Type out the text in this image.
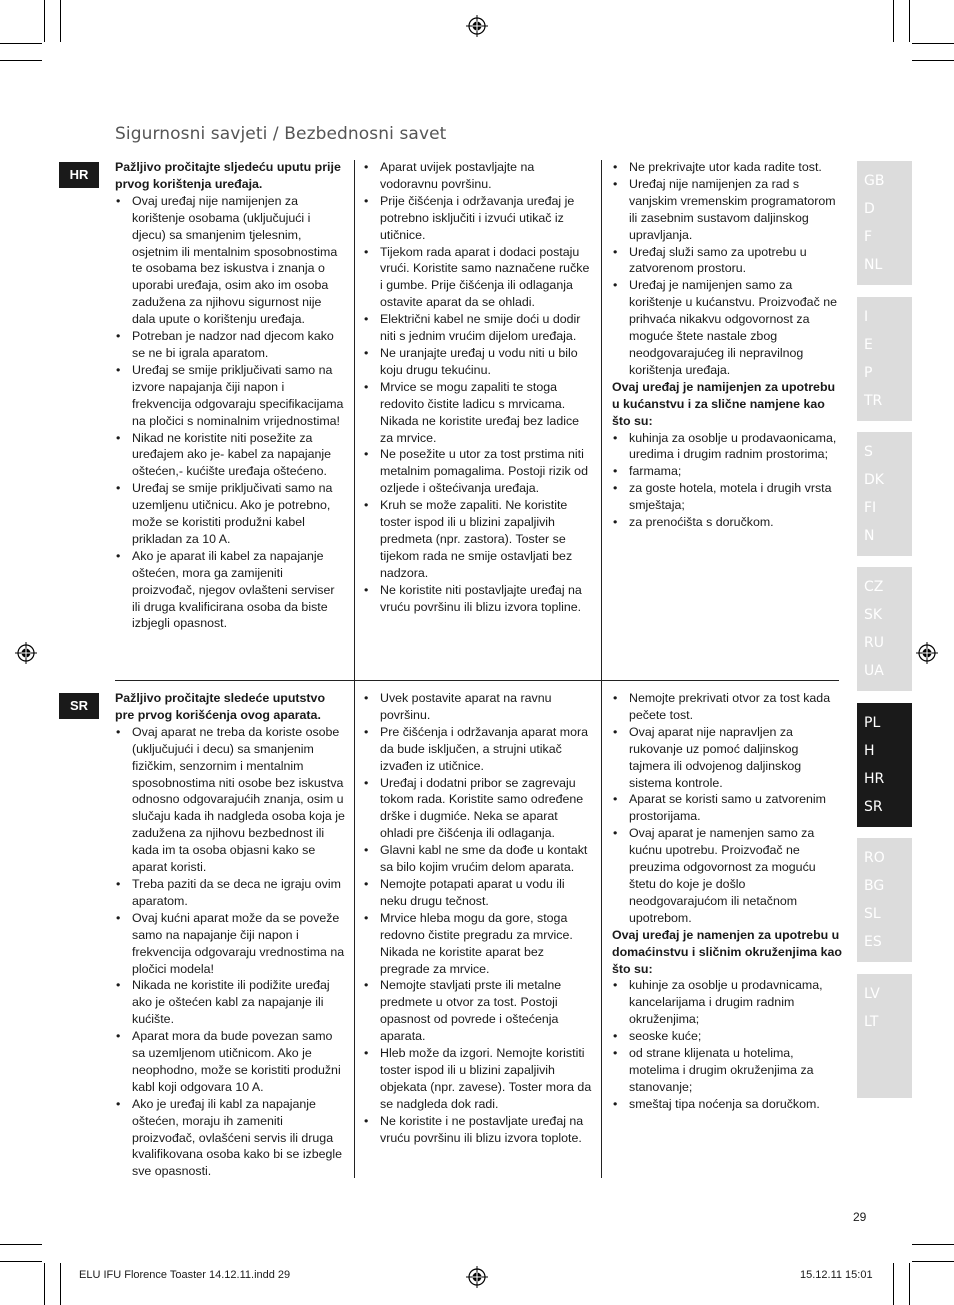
Sigurnosni savjeti / Bezbednosni savet
HR	Pažljivo pročitajte sljedeću uputu prije prvog korištenja uređaja.
• Ovaj uređaj nije namijenjen za korištenje osobama (uključujući i djecu) sa smanjenim tjelesnim, osjetnim ili mentalnim sposobnostima te osobama bez iskustva i znanja o uporabi uređaja, osim ako im osoba zadužena za njihovu sigurnost nije dala upute o korištenju uređaja.
• Potreban je nadzor nad djecom kako se ne bi igrala aparatom.
• Uređaj se smije priključivati samo na izvore napajanja čiji napon i frekvencija odgovaraju specifikacijama na pločici s nominalnim vrijednostima!
• Nikad ne koristite niti posežite za uređajem ako je- kabel za napajanje oštećen,- kućište uređaja oštećeno.
• Uređaj se smije priključivati samo na uzemljenu utičnicu. Ako je potrebno, može se koristiti produžni kabel prikladan za 10 A.
• Ako je aparat ili kabel za napajanje oštećen, mora ga zamijeniti proizvođač, njegov ovlašteni serviser ili druga kvalificirana osoba da biste izbjegli opasnost.
• Aparat uvijek postavljajte na vodoravnu površinu.
• Prije čišćenja i održavanja uređaj je potrebno isključiti i izvući utikač iz utičnice.
• Tijekom rada aparat i dodaci postaju vrući. Koristite samo naznačene ručke i gumbe. Prije čišćenja ili odlaganja ostavite aparat da se ohladi.
• Električni kabel ne smije doći u dodir niti s jednim vrućim dijelom uređaja.
• Ne uranjajte uređaj u vodu niti u bilo koju drugu tekućinu.
• Mrvice se mogu zapaliti te stoga redovito čistite ladicu s mrvicama. Nikada ne koristite uređaj bez ladice za mrvice.
• Ne posežite u utor za tost prstima niti metalnim pomagalima. Postoji rizik od ozljede i oštećivanja uređaja.
• Kruh se može zapaliti. Ne koristite toster ispod ili u blizini zapaljivih predmeta (npr. zastora). Toster se tijekom rada ne smije ostavljati bez nadzora.
• Ne koristite niti postavljajte uređaj na vruću površinu ili blizu izvora topline.
• Ne prekrivajte utor kada radite tost.
• Uređaj nije namijenjen za rad s vanjskim vremenskim programatorom ili zasebnim sustavom daljinskog upravljanja.
• Uređaj služi samo za upotrebu u zatvorenom prostoru.
• Uređaj je namijenjen samo za korištenje u kućanstvu. Proizvođač ne prihvaća nikakvu odgovornost za moguće štete nastale zbog neodgovarajućeg ili nepravilnog korištenja uređaja.
Ovaj uređaj je namijenjen za upotrebu u kućanstvu i za slične namjene kao što su:
• kuhinja za osoblje u prodavaonicama, uredima i drugim radnim prostorima;
• farmama;
• za goste hotela, motela i drugih vrsta smještaja;
• za prenoćišta s doručkom.
SR	Pažljivo pročitajte sledeće uputstvo pre prvog korišćenja ovog aparata.
• Ovaj aparat ne treba da koriste osobe (uključujući i decu) sa smanjenim fizičkim, senzornim i mentalnim sposobnostima niti osobe bez iskustva odnosno odgovarajućih znanja, osim u slučaju kada ih nadgleda osoba koja je zadužena za njihovu bezbednost ili kada im ta osoba objasni kako se aparat koristi.
• Treba paziti da se deca ne igraju ovim aparatom.
• Ovaj kućni aparat može da se poveže samo na napajanje čiji napon i frekvencija odgovaraju vrednostima na pločici modela!
• Nikada ne koristite ili podižite uređaj ako je oštećen kabl za napajanje ili kućište.
• Aparat mora da bude povezan samo sa uzemljenom utičnicom. Ako je neophodno, može se koristiti produžni kabl koji odgovara 10 A.
• Ako je uređaj ili kabl za napajanje oštećen, moraju ih zameniti proizvođač, ovlašćeni servis ili druga kvalifikovana osoba kako bi se izbegle sve opasnosti.
• Uvek postavite aparat na ravnu površinu.
• Pre čišćenja i održavanja aparat mora da bude isključen, a strujni utikač izvađen iz utičnice.
• Uređaj i dodatni pribor se zagrevaju tokom rada. Koristite samo određene drške i dugmiće. Neka se aparat ohladi pre čišćenja ili odlaganja.
• Glavni kabl ne sme da dođe u kontakt sa bilo kojim vrućim delom aparata.
• Nemojte potapati aparat u vodu ili neku drugu tečnost.
• Mrvice hleba mogu da gore, stoga redovno čistite pregradu za mrvice. Nikada ne koristite aparat bez pregrade za mrvice.
• Nemojte stavljati prste ili metalne predmete u otvor za tost. Postoji opasnost od povrede i oštećenja aparata.
• Hleb može da izgori. Nemojte koristiti toster ispod ili u blizini zapaljivih objekata (npr. zavese). Toster mora da se nadgleda dok radi.
• Ne koristite i ne postavljate uređaj na vruću površinu ili blizu izvora toplote.
• Nemojte prekrivati otvor za tost kada pečete tost.
• Ovaj aparat nije napravljen za rukovanje uz pomoć daljinskog tajmera ili odvojenog daljinskog sistema kontrole.
• Aparat se koristi samo u zatvorenim prostorijama.
• Ovaj aparat je namenjen samo za kućnu upotrebu. Proizvođač ne preuzima odgovornost za moguću štetu do koje je došlo neodgovarajućom ili netačnom upotrebom.
Ovaj uređaj je namenjen za upotrebu u domaćinstvu i sličnim okruženjima kao što su:
• kuhinje za osoblje u prodavnicama, kancelarijama i drugim radnim okruženjima;
• seoske kuće;
• od strane klijenata u hotelima, motelima i drugim okruženjima za stanovanje;
• smeštaj tipa noćenja sa doručkom.
GB
D
F
NL
I
E
P
TR
S
DK
FI
N
CZ
SK
RU
UA
PL
H
HR
SR
RO
BG
SL
ES
LV
LT
29
ELU IFU Florence Toaster 14.12.11.indd 29	15.12.11 15:01
